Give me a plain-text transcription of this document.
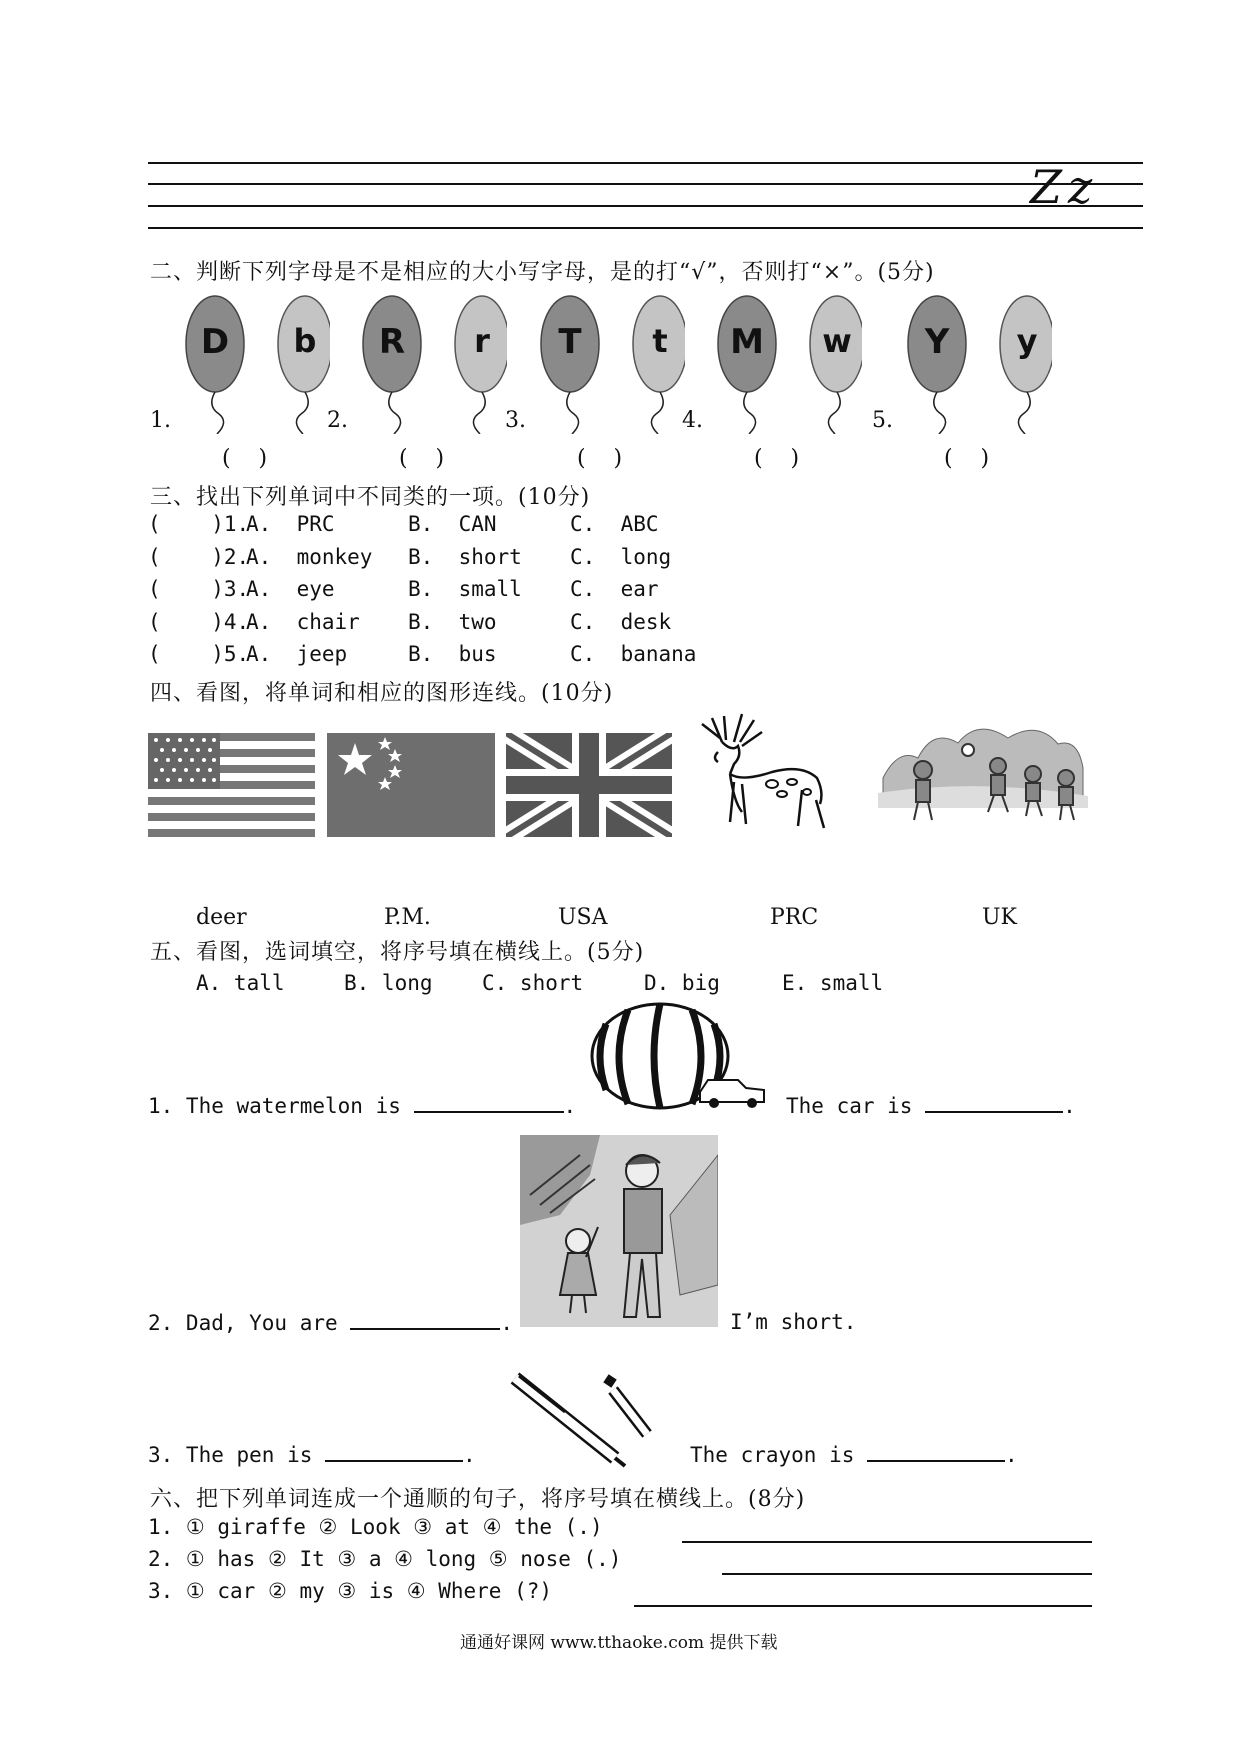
Zz
二、判断下列字母是不是相应的大小写字母，是的打“√”，否则打“×”。(5分)
D b
1.
(    )
R r
2.
(    )
T t
3.
(    )
M w
4.
(    )
Y y
5.
(    )
三、找出下列单词中不同类的一项。(10分)
(    )1.A.  PRC	B.  CAN	C.  ABC
(    )2.A.  monkey B.  short C.  long
(    )3.A.  eye	B.  small C.  ear
(    )4.A.  chair B.  two	C.  desk
(    )5.A.  jeep	B.  bus	C.  banana
四、看图，将单词和相应的图形连线。(10分)
deer	P.M.	USA	PRC	UK
五、看图，选词填空，将序号填在横线上。(5分)
A. tall	B. long C. short	D. big	E. small
1. The watermelon is	.	The car is	.
2. Dad, You are	.	I’m short.
3. The pen is	.	The crayon is	.
六、把下列单词连成一个通顺的句子，将序号填在横线上。(8分)
1. ① giraffe ② Look ③ at ④ the (.)
2. ① has ② It ③ a ④ long ⑤ nose (.)
3. ① car ② my ③ is ④ Where (?)
通通好课网 www.tthaoke.com 提供下载
